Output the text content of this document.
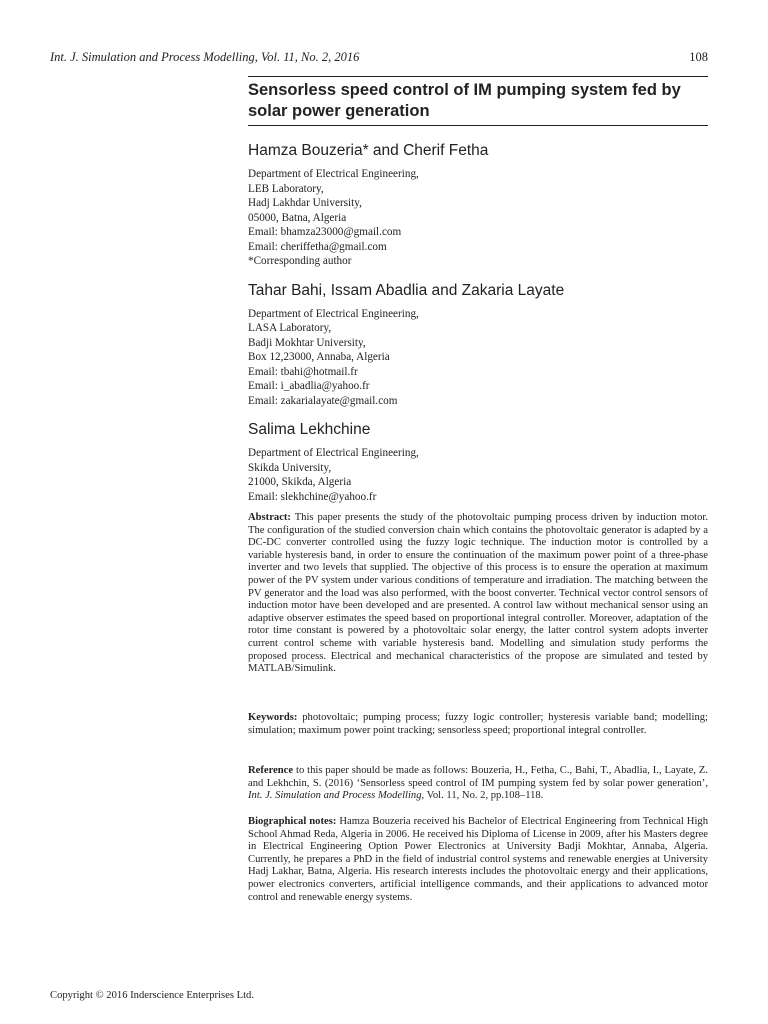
Int. J. Simulation and Process Modelling, Vol. 11, No. 2, 2016	108
Sensorless speed control of IM pumping system fed by solar power generation
Hamza Bouzeria* and Cherif Fetha
Department of Electrical Engineering,
LEB Laboratory,
Hadj Lakhdar University,
05000, Batna, Algeria
Email: bhamza23000@gmail.com
Email: cheriffetha@gmail.com
*Corresponding author
Tahar Bahi, Issam Abadlia and Zakaria Layate
Department of Electrical Engineering,
LASA Laboratory,
Badji Mokhtar University,
Box 12,23000, Annaba, Algeria
Email: tbahi@hotmail.fr
Email: i_abadlia@yahoo.fr
Email: zakarialayate@gmail.com
Salima Lekhchine
Department of Electrical Engineering,
Skikda University,
21000, Skikda, Algeria
Email: slekhchine@yahoo.fr
Abstract: This paper presents the study of the photovoltaic pumping process driven by induction motor. The configuration of the studied conversion chain which contains the photovoltaic generator is adapted by a DC-DC converter controlled using the fuzzy logic technique. The induction motor is controlled by a variable hysteresis band, in order to ensure the continuation of the maximum power point of a three-phase inverter and two levels that supplied. The objective of this process is to ensure the operation at maximum power of the PV system under various conditions of temperature and irradiation. The matching between the PV generator and the load was also performed, with the boost converter. Technical vector control sensors of induction motor have been developed and are presented. A control law without mechanical sensor using an adaptive observer estimates the speed based on proportional integral controller. Moreover, adaptation of the rotor time constant is powered by a photovoltaic solar energy, the latter control system adopts inverter current control scheme with variable hysteresis band. Modelling and simulation study performs the proposed process. Electrical and mechanical characteristics of the propose are simulated and tested by MATLAB/Simulink.
Keywords: photovoltaic; pumping process; fuzzy logic controller; hysteresis variable band; modelling; simulation; maximum power point tracking; sensorless speed; proportional integral controller.
Reference to this paper should be made as follows: Bouzeria, H., Fetha, C., Bahi, T., Abadlia, I., Layate, Z. and Lekhchin, S. (2016) ‘Sensorless speed control of IM pumping system fed by solar power generation’, Int. J. Simulation and Process Modelling, Vol. 11, No. 2, pp.108–118.
Biographical notes: Hamza Bouzeria received his Bachelor of Electrical Engineering from Technical High School Ahmad Reda, Algeria in 2006. He received his Diploma of License in 2009, after his Masters degree in Electrical Engineering Option Power Electronics at University Badji Mokhtar, Annaba, Algeria. Currently, he prepares a PhD in the field of industrial control systems and renewable energies at University Hadj Lakhar, Batna, Algeria. His research interests includes the photovoltaic energy and their applications, power electronics converters, artificial intelligence commands, and their applications to advanced motor control and renewable energy systems.
Copyright © 2016 Inderscience Enterprises Ltd.
